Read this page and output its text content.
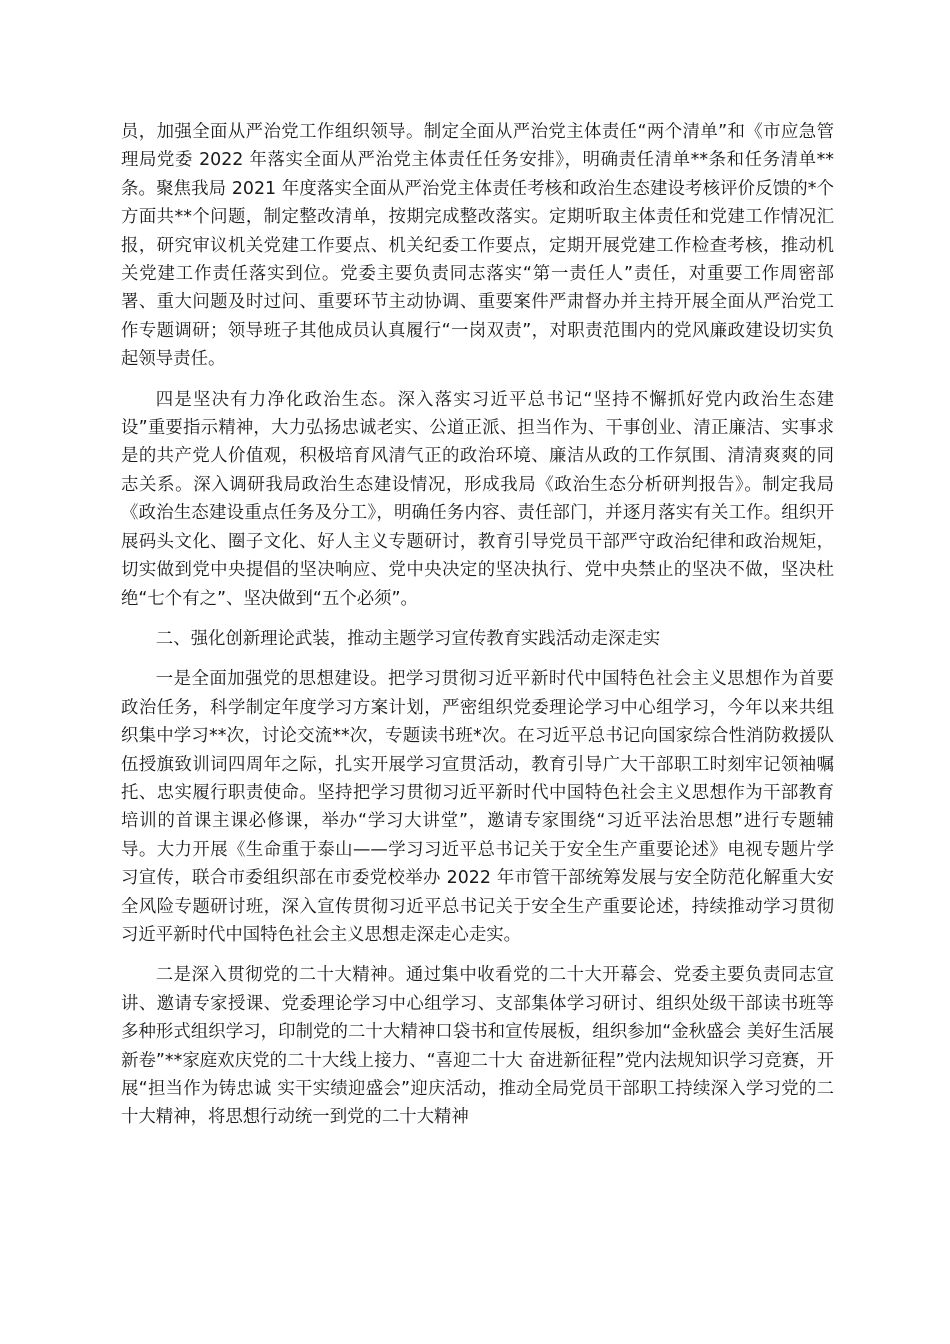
员，加强全面从严治党工作组织领导。制定全面从严治党主体责任“两个清单”和《市应急管理局党委 2022 年落实全面从严治党主体责任任务安排》，明确责任清单**条和任务清单**条。聚焦我局 2021 年度落实全面从严治党主体责任考核和政治生态建设考核评价反馈的*个方面共**个问题，制定整改清单，按期完成整改落实。定期听取主体责任和党建工作情况汇报，研究审议机关党建工作要点、机关纪委工作要点，定期开展党建工作检查考核，推动机关党建工作责任落实到位。党委主要负责同志落实“第一责任人”责任，对重要工作周密部署、重大问题及时过问、重要环节主动协调、重要案件严肃督办并主持开展全面从严治党工作专题调研；领导班子其他成员认真履行“一岗双责”，对职责范围内的党风廉政建设切实负起领导责任。

四是坚决有力净化政治生态。深入落实习近平总书记“坚持不懈抓好党内政治生态建设”重要指示精神，大力弘扬忠诚老实、公道正派、担当作为、干事创业、清正廉洁、实事求是的共产党人价值观，积极培育风清气正的政治环境、廉洁从政的工作氛围、清清爽爽的同志关系。深入调研我局政治生态建设情况，形成我局《政治生态分析研判报告》。制定我局《政治生态建设重点任务及分工》，明确任务内容、责任部门，并逐月落实有关工作。组织开展码头文化、圈子文化、好人主义专题研讨，教育引导党员干部严守政治纪律和政治规矩，切实做到党中央提倡的坚决响应、党中央决定的坚决执行、党中央禁止的坚决不做，坚决杜绝“七个有之”、坚决做到“五个必须”。

二、强化创新理论武装，推动主题学习宣传教育实践活动走深走实

一是全面加强党的思想建设。把学习贯彻习近平新时代中国特色社会主义思想作为首要政治任务，科学制定年度学习方案计划，严密组织党委理论学习中心组学习，今年以来共组织集中学习**次，讨论交流**次，专题读书班*次。在习近平总书记向国家综合性消防救援队伍授旗致训词四周年之际，扎实开展学习宣贯活动，教育引导广大干部职工时刻牢记领袖嘱托、忠实履行职责使命。坚持把学习贯彻习近平新时代中国特色社会主义思想作为干部教育培训的首课主课必修课，举办“学习大讲堂”，邀请专家围绕“习近平法治思想”进行专题辅导。大力开展《生命重于泰山——学习习近平总书记关于安全生产重要论述》电视专题片学习宣传，联合市委组织部在市委党校举办 2022 年市管干部统筹发展与安全防范化解重大安全风险专题研讨班，深入宣传贯彻习近平总书记关于安全生产重要论述，持续推动学习贯彻习近平新时代中国特色社会主义思想走深走心走实。

二是深入贯彻党的二十大精神。通过集中收看党的二十大开幕会、党委主要负责同志宣讲、邀请专家授课、党委理论学习中心组学习、支部集体学习研讨、组织处级干部读书班等多种形式组织学习，印制党的二十大精神口袋书和宣传展板，组织参加“金秋盛会 美好生活展新卷”**家庭欢庆党的二十大线上接力、“喜迎二十大 奋进新征程”党内法规知识学习竞赛，开展“担当作为铸忠诚 实干实绩迎盛会”迎庆活动，推动全局党员干部职工持续深入学习党的二十大精神，将思想行动统一到党的二十大精神
